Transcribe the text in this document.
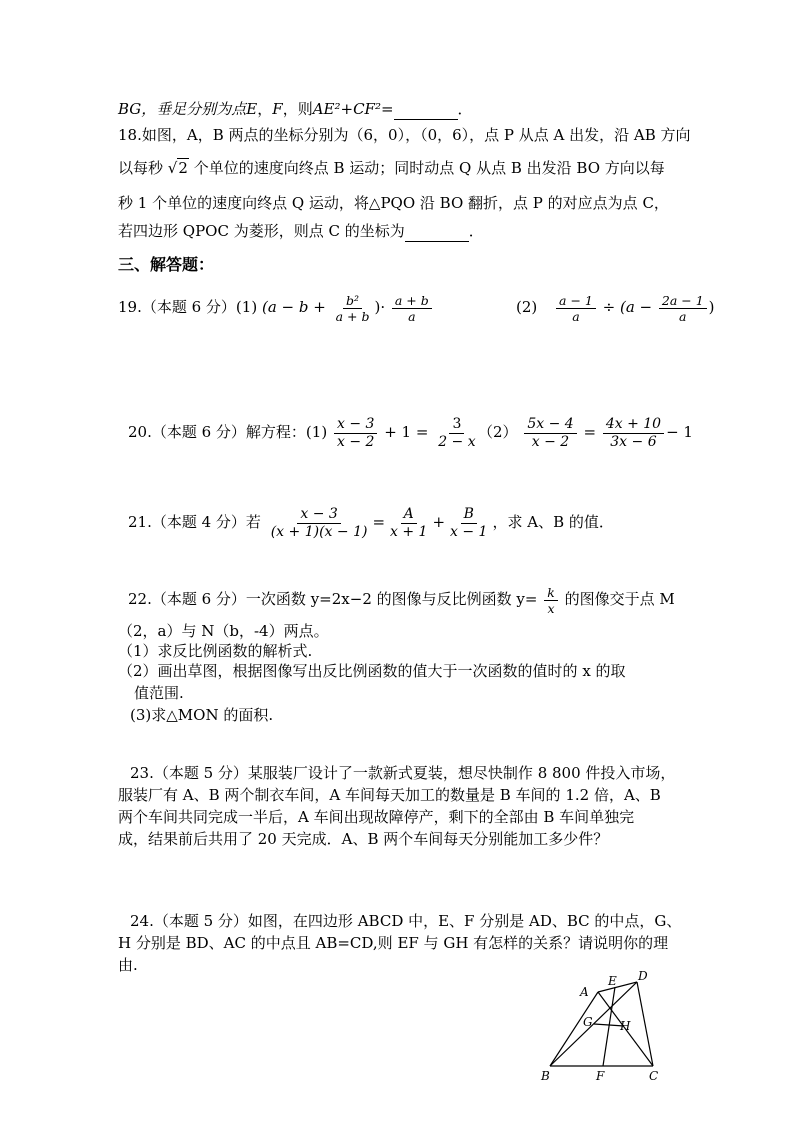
BG，垂足分别为点E，F，则AE²+CF²=	．
18.如图，A，B 两点的坐标分别为（6，0），（0，6），点 P 从点 A 出发，沿 AB 方向
以每秒 √2 个单位的速度向终点 B 运动；同时动点 Q 从点 B 出发沿 BO 方向以每
秒 1 个单位的速度向终点 Q 运动，将△PQO 沿 BO 翻折，点 P 的对应点为点 C，
若四边形 QPOC 为菱形，则点 C 的坐标为	．
三、解答题：
19.（本题 6 分）(1) ($a - b + \frac{\text{b²}}{a + b}$ )· $\frac{a + b}{a}$	$(2) \frac{a - 1}{a} \div (a - \frac{2a - 1}{a}$ )
20.（本题 6 分）解方程：$(1) \frac{x - 3}{x - 2} + 1 = \frac{3}{2 - x} (2) \frac{5x - 4}{x - 2} = \frac{4x + 10}{3x - 6} - 1$
21.（本题 4 分）若 $\frac{x - 3}{(x + 1)(x - 1)} = \frac{A}{x + 1} + \frac{B}{x - 1}$ ，求 A、B 的值．
22.（本题 6 分）一次函数 y=2x−2 的图像与反比例函数 $y= \frac{k}{x}$ 的图像交于点 M
（2，a）与 N（b，-4）两点。
（1）求反比例函数的解析式.
（2）画出草图，根据图像写出反比例函数的值大于一次函数的值时的 x 的取
值范围.
(3)求△MON 的面积.
23.（本题 5 分）某服装厂设计了一款新式夏装，想尽快制作 8 800 件投入市场，
服装厂有 A、B 两个制衣车间，A 车间每天加工的数量是 B 车间的 1.2 倍，A、B
两个车间共同完成一半后，A 车间出现故障停产，剩下的全部由 B 车间单独完
成，结果前后共用了 20 天完成．A、B 两个车间每天分别能加工多少件？
24.（本题 5 分）如图，在四边形 ABCD 中，E、F 分别是 AD、BC 的中点，G、
H 分别是 BD、AC 的中点且 AB=CD,则 EF 与 GH 有怎样的关系？请说明你的理
由.
A
D
E
G H
B	F	C
